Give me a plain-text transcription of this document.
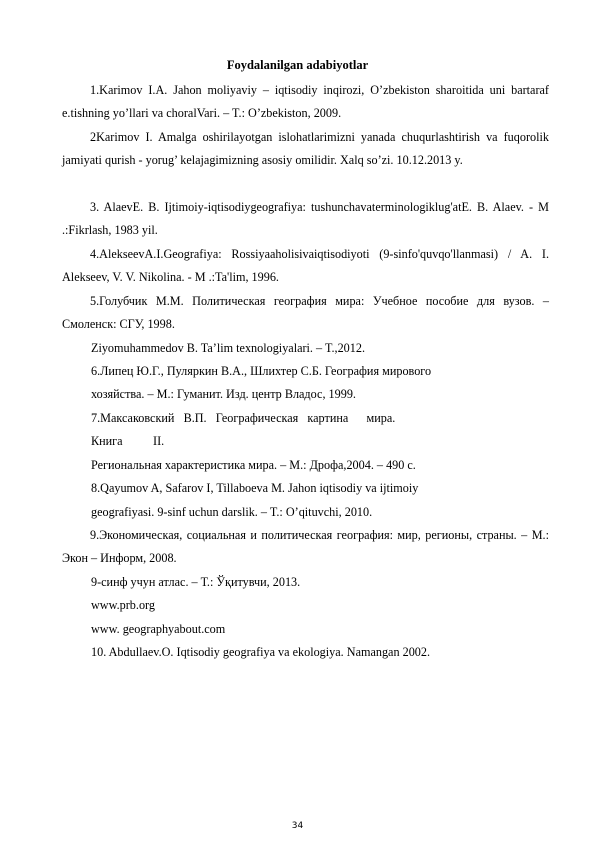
Foydalanilgan adabiyotlar
1.Karimov I.A. Jahon moliyaviy – iqtisodiy inqirozi, O’zbekiston sharoitida uni bartaraf e.tishning yo’llari va choralVari. – T.: O’zbekiston, 2009.
2Karimov I. Amalga oshirilayotgan islohatlarimizni yanada chuqurlashtirish va fuqorolik jamiyati qurish - yorug’ kelajagimizning asosiy omilidir. Xalq so’zi. 10.12.2013 y.
3. AlaevE. B. Ijtimoiy-iqtisodiygeografiya: tushunchavaterminologiklug'atE. B. Alaev. - M .:Fikrlash, 1983 yil.
4.AlekseevA.I.Geografiya: Rossiyaaholisivaiqtisodiyoti (9-sinfo'quvqo'llanmasi) / A. I. Alekseev, V. V. Nikolina. - M .:Ta'lim, 1996.
5.Голубчик М.М. Политическая география мира: Учебное пособие для вузов. – Смоленск: СГУ, 1998.
Ziyomuhammedov B. Ta’lim texnologiyalari. – T.,2012.
6.Липец Ю.Г., Пуляркин В.А., Шлихтер С.Б. География мирового
хозяйства. – М.: Гуманит. Изд. центр Владос, 1999.
7.Максаковский   В.П.   Географическая   картина      мира.
Книга          II.
Региональная характеристика мира. – М.: Дрофа,2004. – 490 с.
8.Qayumov A, Safarov I, Tillaboeva M. Jahon iqtisodiy va ijtimoiy
geografiyasi. 9-sinf uchun darslik. – T.: O’qituvchi, 2010.
9.Экономическая, социальная и политическая география: мир, регионы, страны. – М.: Экон – Информ, 2008.
9-синф учун атлас. – Т.: Ўқитувчи, 2013.
www.prb.org
www. geographyabout.com
10. Abdullaev.O. Iqtisodiy geografiya va ekologiya. Namangan 2002.
34
